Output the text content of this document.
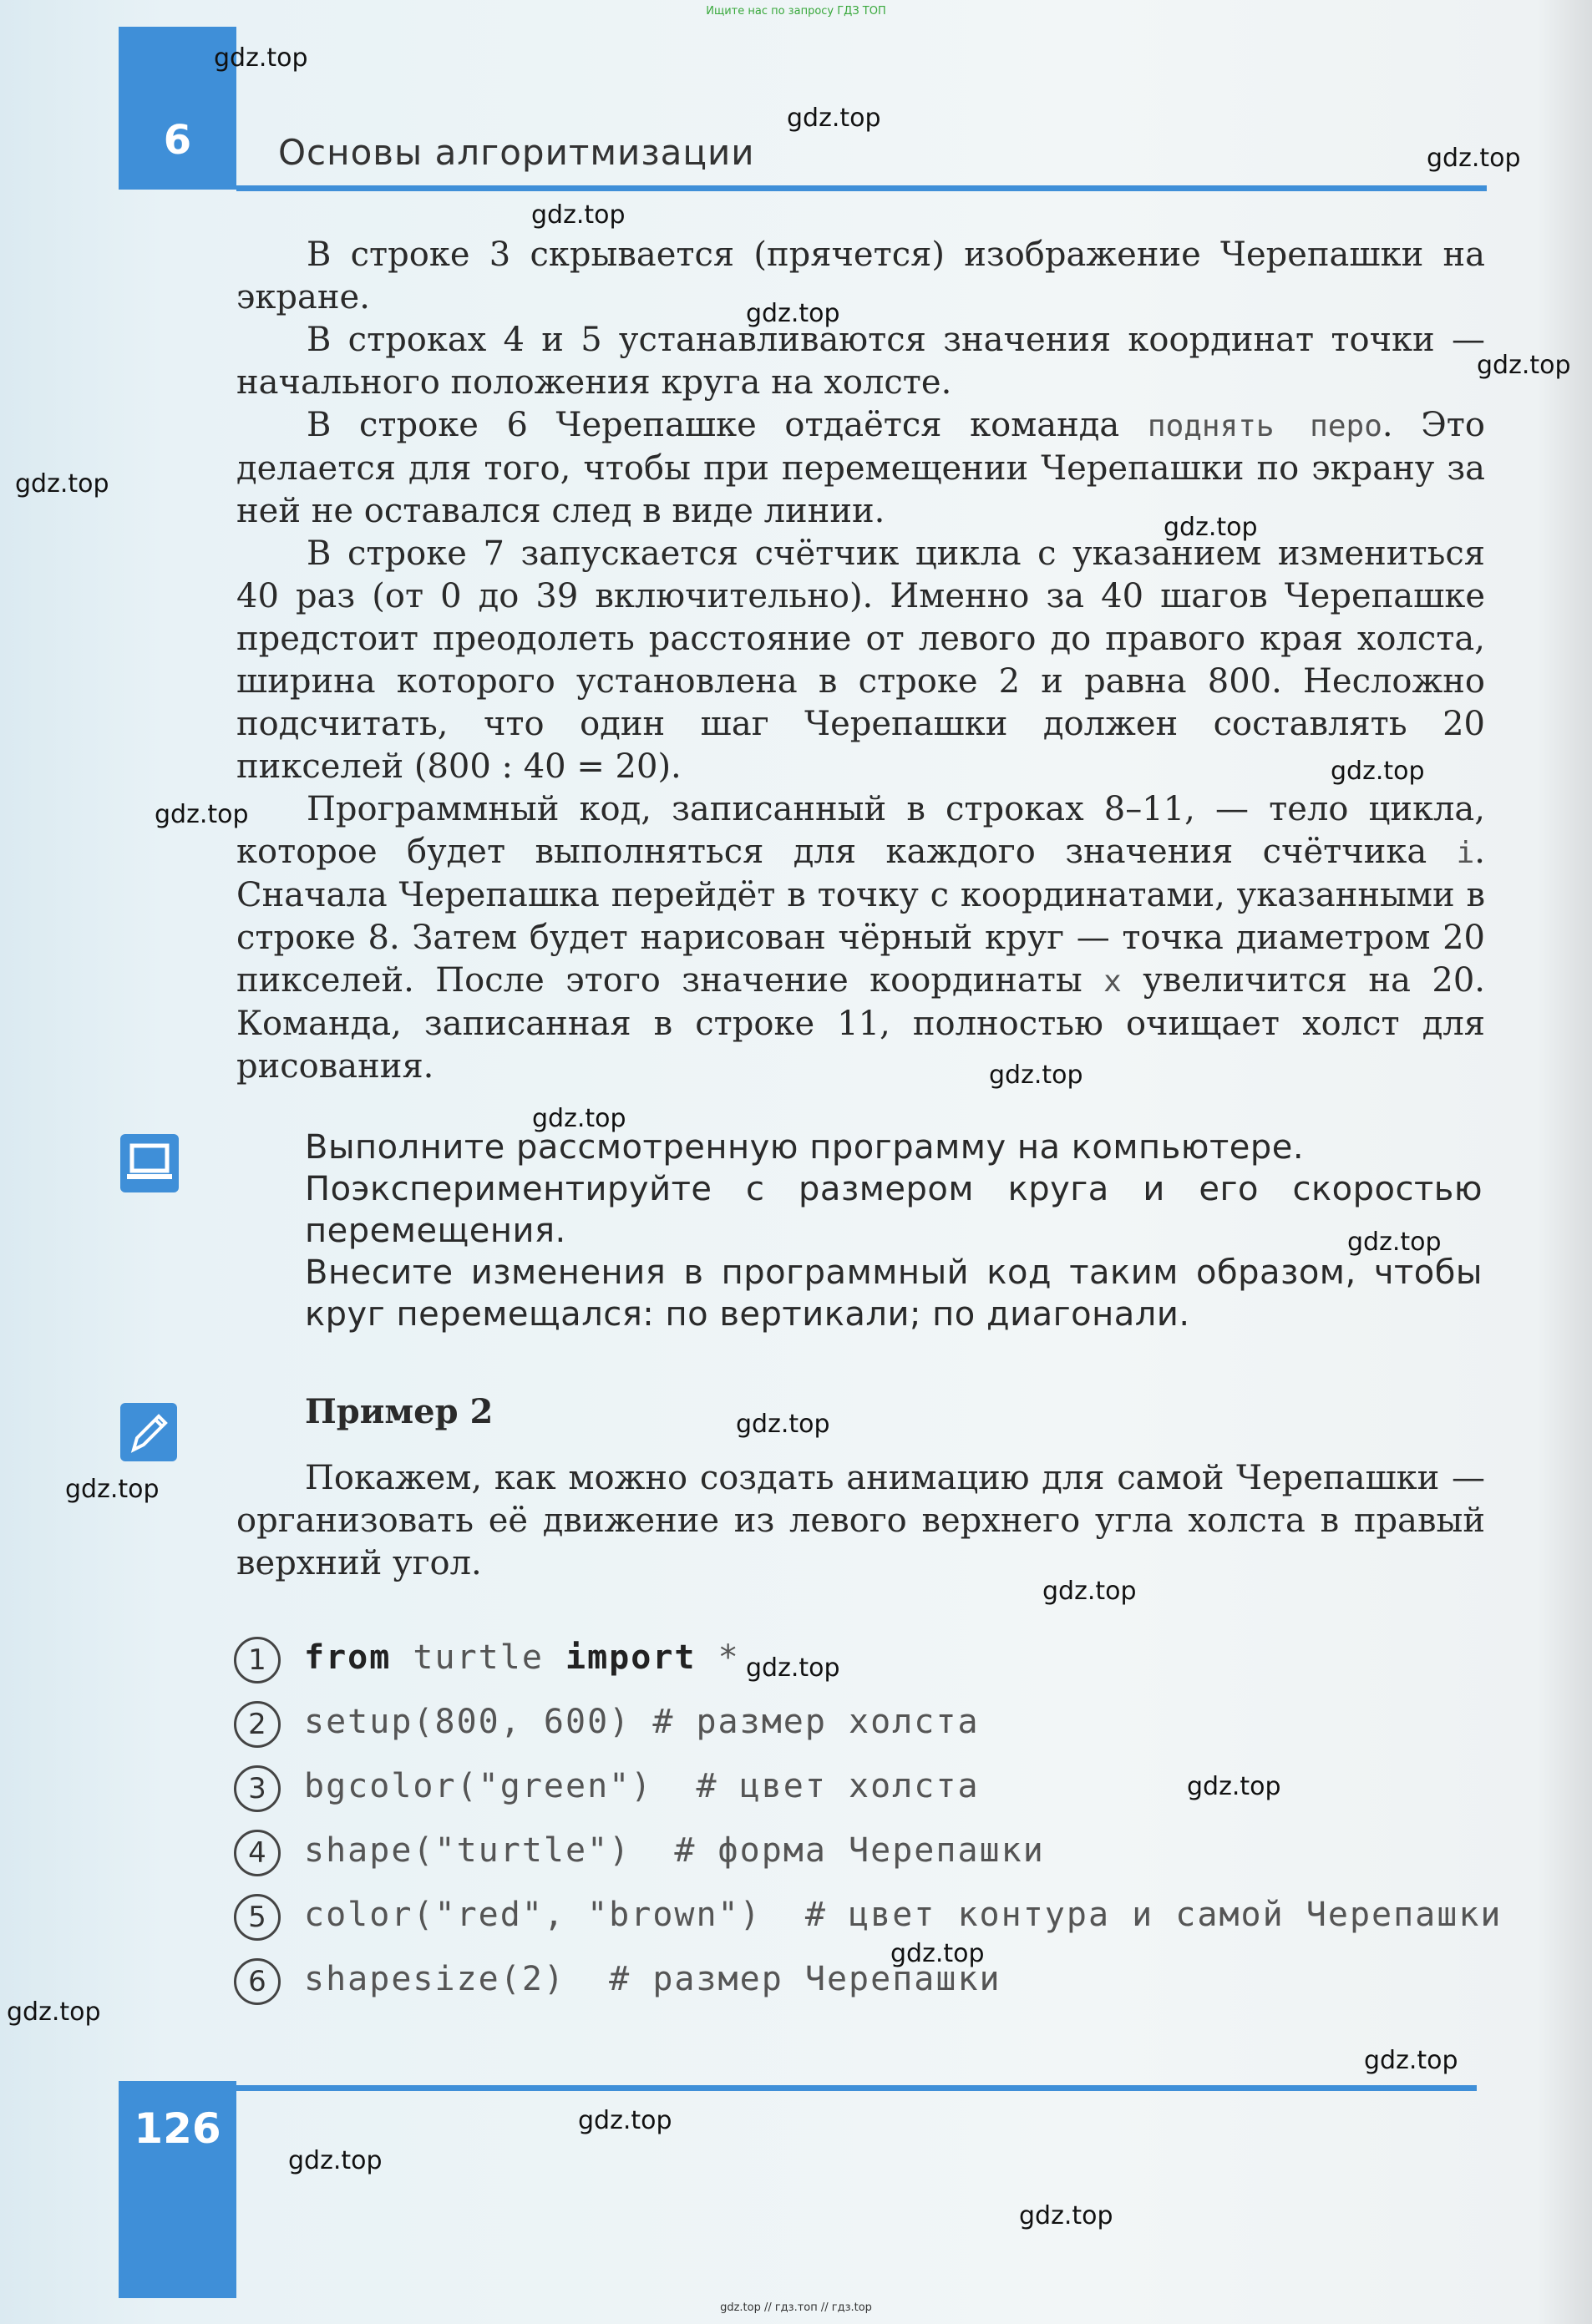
Ищите нас по запросу ГДЗ ТОП
6	Основы алгоритмизации

В строке 3 скрывается (прячется) изображение Черепашки на экране.

В строках 4 и 5 устанавливаются значения координат точки — начального положения круга на холсте.

В строке 6 Черепашке отдаётся команда поднять перо. Это делается для того, чтобы при перемещении Черепашки по экрану за ней не оставался след в виде линии.

В строке 7 запускается счётчик цикла с указанием измениться 40 раз (от 0 до 39 включительно). Именно за 40 шагов Черепашке предстоит преодолеть расстояние от левого до правого края холста, ширина которого установлена в строке 2 и равна 800. Несложно подсчитать, что один шаг Черепашки должен составлять 20 пикселей (800 : 40 = 20).

Программный код, записанный в строках 8–11, — тело цикла, которое будет выполняться для каждого значения счётчика i. Сначала Черепашка перейдёт в точку с координатами, указанными в строке 8. Затем будет нарисован чёрный круг — точка диаметром 20 пикселей. После этого значение координаты x увеличится на 20. Команда, записанная в строке 11, полностью очищает холст для рисования.

Выполните рассмотренную программу на компьютере.

Поэкспериментируйте с размером круга и его скоростью перемещения.

Внесите изменения в программный код таким образом, чтобы круг перемещался: по вертикали; по диагонали.

Пример 2

Покажем, как можно создать анимацию для самой Черепашки — организовать её движение из левого верхнего угла холста в правый верхний угол.

1	from turtle import *
2	setup(800, 600) # размер холста
3	bgcolor("green")  # цвет холста
4	shape("turtle")  # форма Черепашки
5	color("red", "brown")  # цвет контура и самой Черепашки
6	shapesize(2)  # размер Черепашки
126
gdz.top // гдз.топ // гдз.top
gdz.top
gdz.top
gdz.top
gdz.top
gdz.top
gdz.top
gdz.top
gdz.top
gdz.top
gdz.top
gdz.top
gdz.top
gdz.top
gdz.top
gdz.top
gdz.top
gdz.top
gdz.top
gdz.top
gdz.top
gdz.top
gdz.top
gdz.top
gdz.top
